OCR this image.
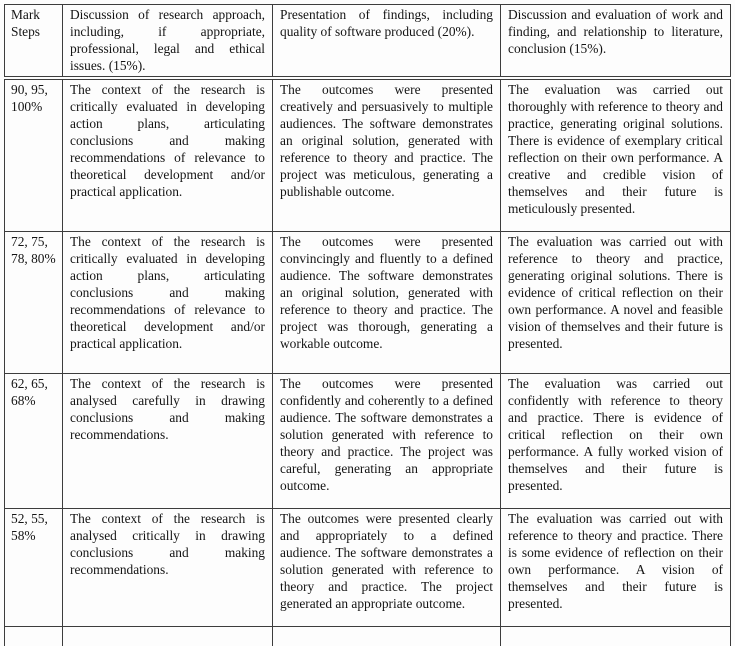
Mark Steps	Discussion of research approach, including, if appropriate, professional, legal and ethical issues. (15%).	Presentation of findings, including quality of software produced (20%).	Discussion and evaluation of work and finding, and relationship to literature, conclusion (15%).
90, 95, 100%	The context of the research is critically evaluated in developing action plans, articulating conclusions and making recommendations of relevance to theoretical development and/or practical application.	The outcomes were presented creatively and persuasively to multiple audiences. The software demonstrates an original solution, generated with reference to theory and practice. The project was meticulous, generating a publishable outcome.	The evaluation was carried out thoroughly with reference to theory and practice, generating original solutions. There is evidence of exemplary critical reflection on their own performance. A creative and credible vision of themselves and their future is meticulously presented.
72, 75, 78, 80%	The context of the research is critically evaluated in developing action plans, articulating conclusions and making recommendations of relevance to theoretical development and/or practical application.	The outcomes were presented convincingly and fluently to a defined audience. The software demonstrates an original solution, generated with reference to theory and practice. The project was thorough, generating a workable outcome.	The evaluation was carried out with reference to theory and practice, generating original solutions. There is evidence of critical reflection on their own performance. A novel and feasible vision of themselves and their future is presented.
62, 65, 68%	The context of the research is analysed carefully in drawing conclusions and making recommendations.	The outcomes were presented confidently and coherently to a defined audience. The software demonstrates a solution generated with reference to theory and practice. The project was careful, generating an appropriate outcome.	The evaluation was carried out confidently with reference to theory and practice. There is evidence of critical reflection on their own performance. A fully worked vision of themselves and their future is presented.
52, 55, 58%	The context of the research is analysed critically in drawing conclusions and making recommendations.	The outcomes were presented clearly and appropriately to a defined audience. The software demonstrates a solution generated with reference to theory and practice. The project generated an appropriate outcome.	The evaluation was carried out with reference to theory and practice. There is some evidence of reflection on their own performance. A vision of themselves and their future is presented.
